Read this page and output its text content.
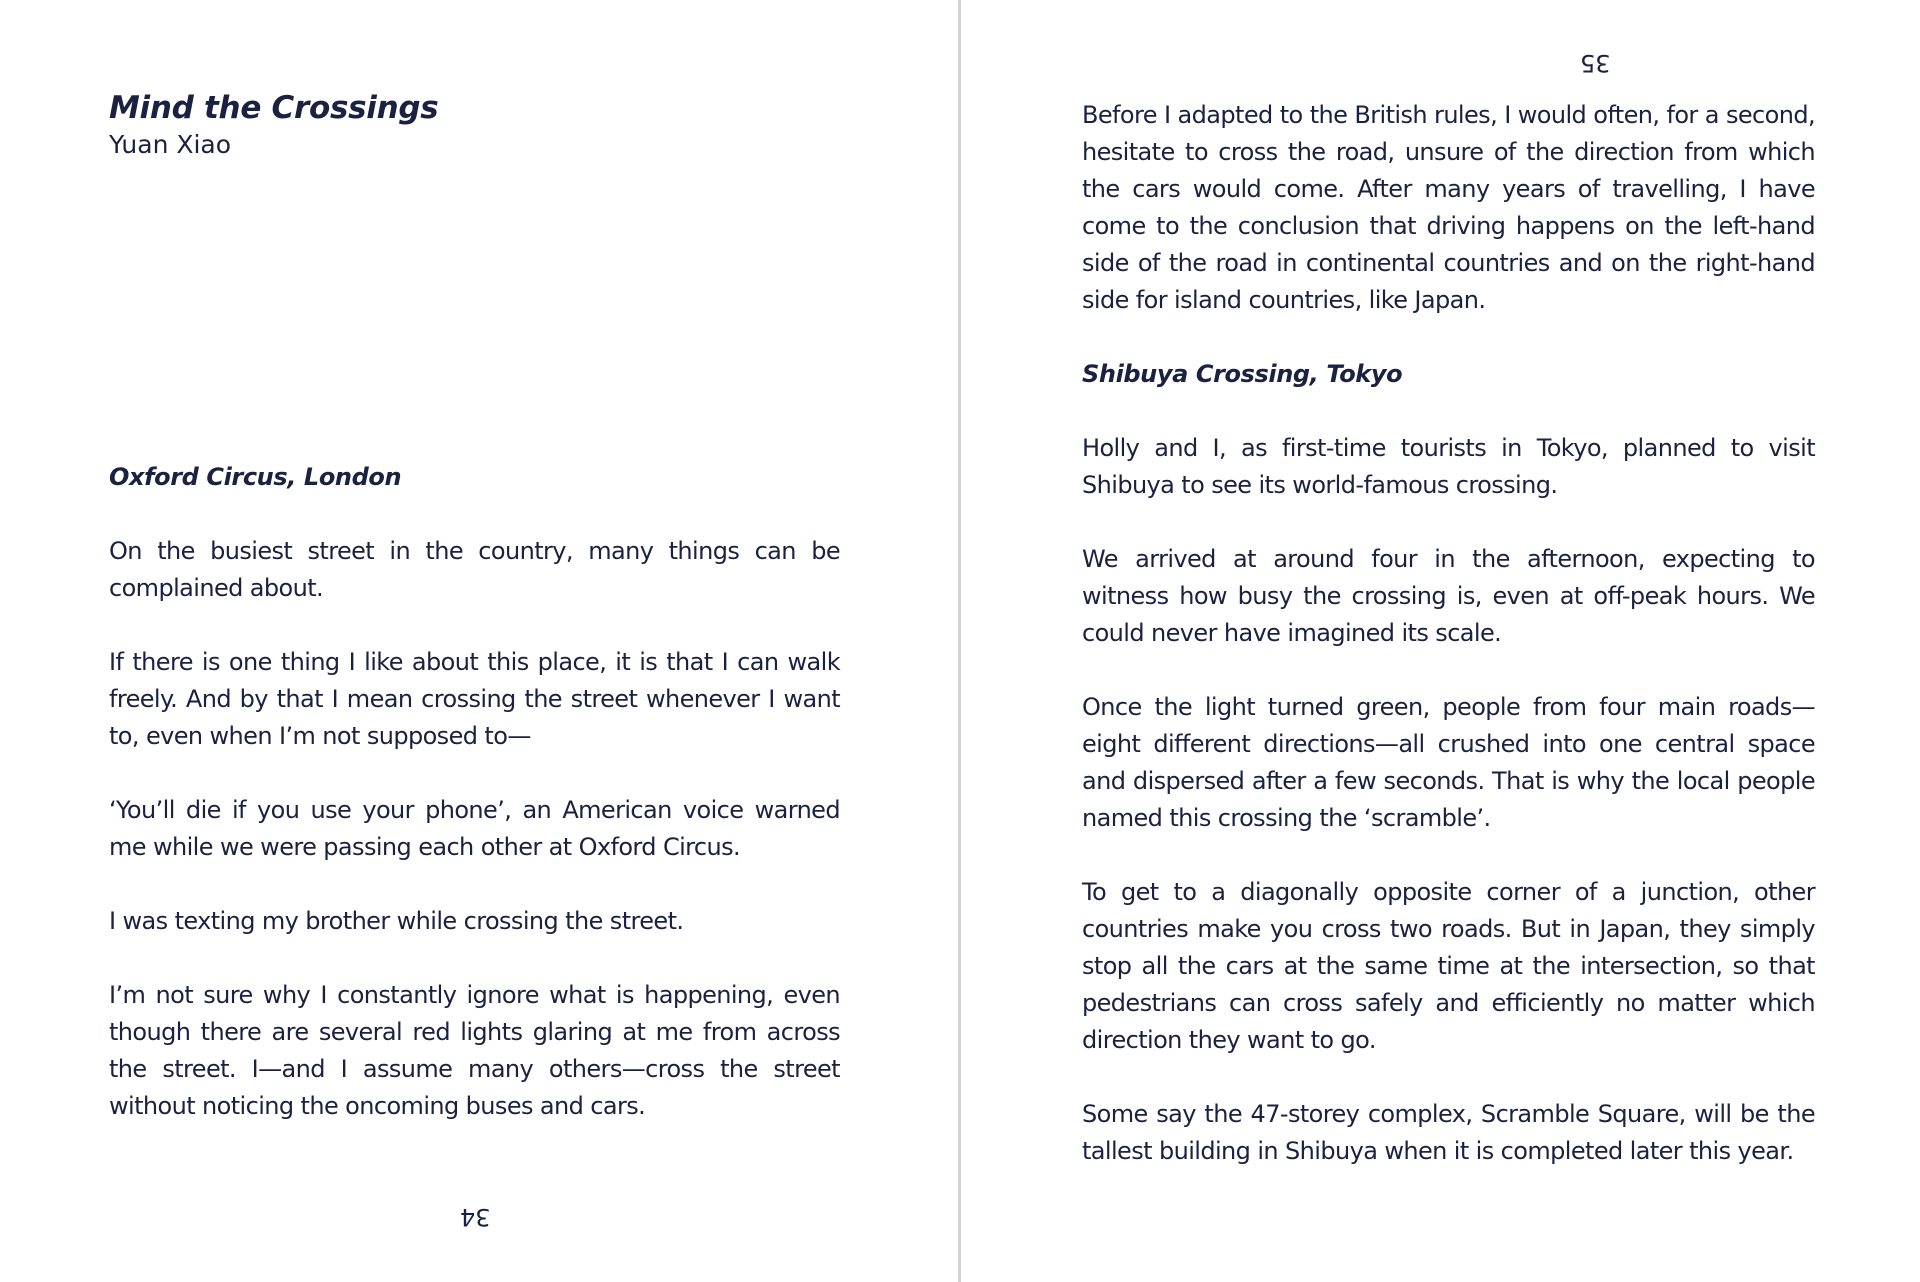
Mind the Crossings
Yuan Xiao

Oxford Circus, London

On the busiest street in the country, many things can be complained about.

If there is one thing I like about this place, it is that I can walk freely. And by that I mean crossing the street whenever I want to, even when I’m not supposed to—

‘You’ll die if you use your phone’, an American voice warned me while we were passing each other at Oxford Circus.

I was texting my brother while crossing the street.

I’m not sure why I constantly ignore what is happening, even though there are several red lights glaring at me from across the street. I—and I assume many others—cross the street without noticing the oncoming buses and cars.

34
35

Before I adapted to the British rules, I would often, for a second, hesitate to cross the road, unsure of the direction from which the cars would come. After many years of travelling, I have come to the conclusion that driving happens on the left-hand side of the road in continental countries and on the right-hand side for island countries, like Japan.

Shibuya Crossing, Tokyo

Holly and I, as first-time tourists in Tokyo, planned to visit Shibuya to see its world-famous crossing.

We arrived at around four in the afternoon, expecting to witness how busy the crossing is, even at off-peak hours. We could never have imagined its scale.

Once the light turned green, people from four main roads—eight different directions—all crushed into one central space and dispersed after a few seconds. That is why the local people named this crossing the ‘scramble’.

To get to a diagonally opposite corner of a junction, other countries make you cross two roads. But in Japan, they simply stop all the cars at the same time at the intersection, so that pedestrians can cross safely and efficiently no matter which direction they want to go.

Some say the 47-storey complex, Scramble Square, will be the tallest building in Shibuya when it is completed later this year.
